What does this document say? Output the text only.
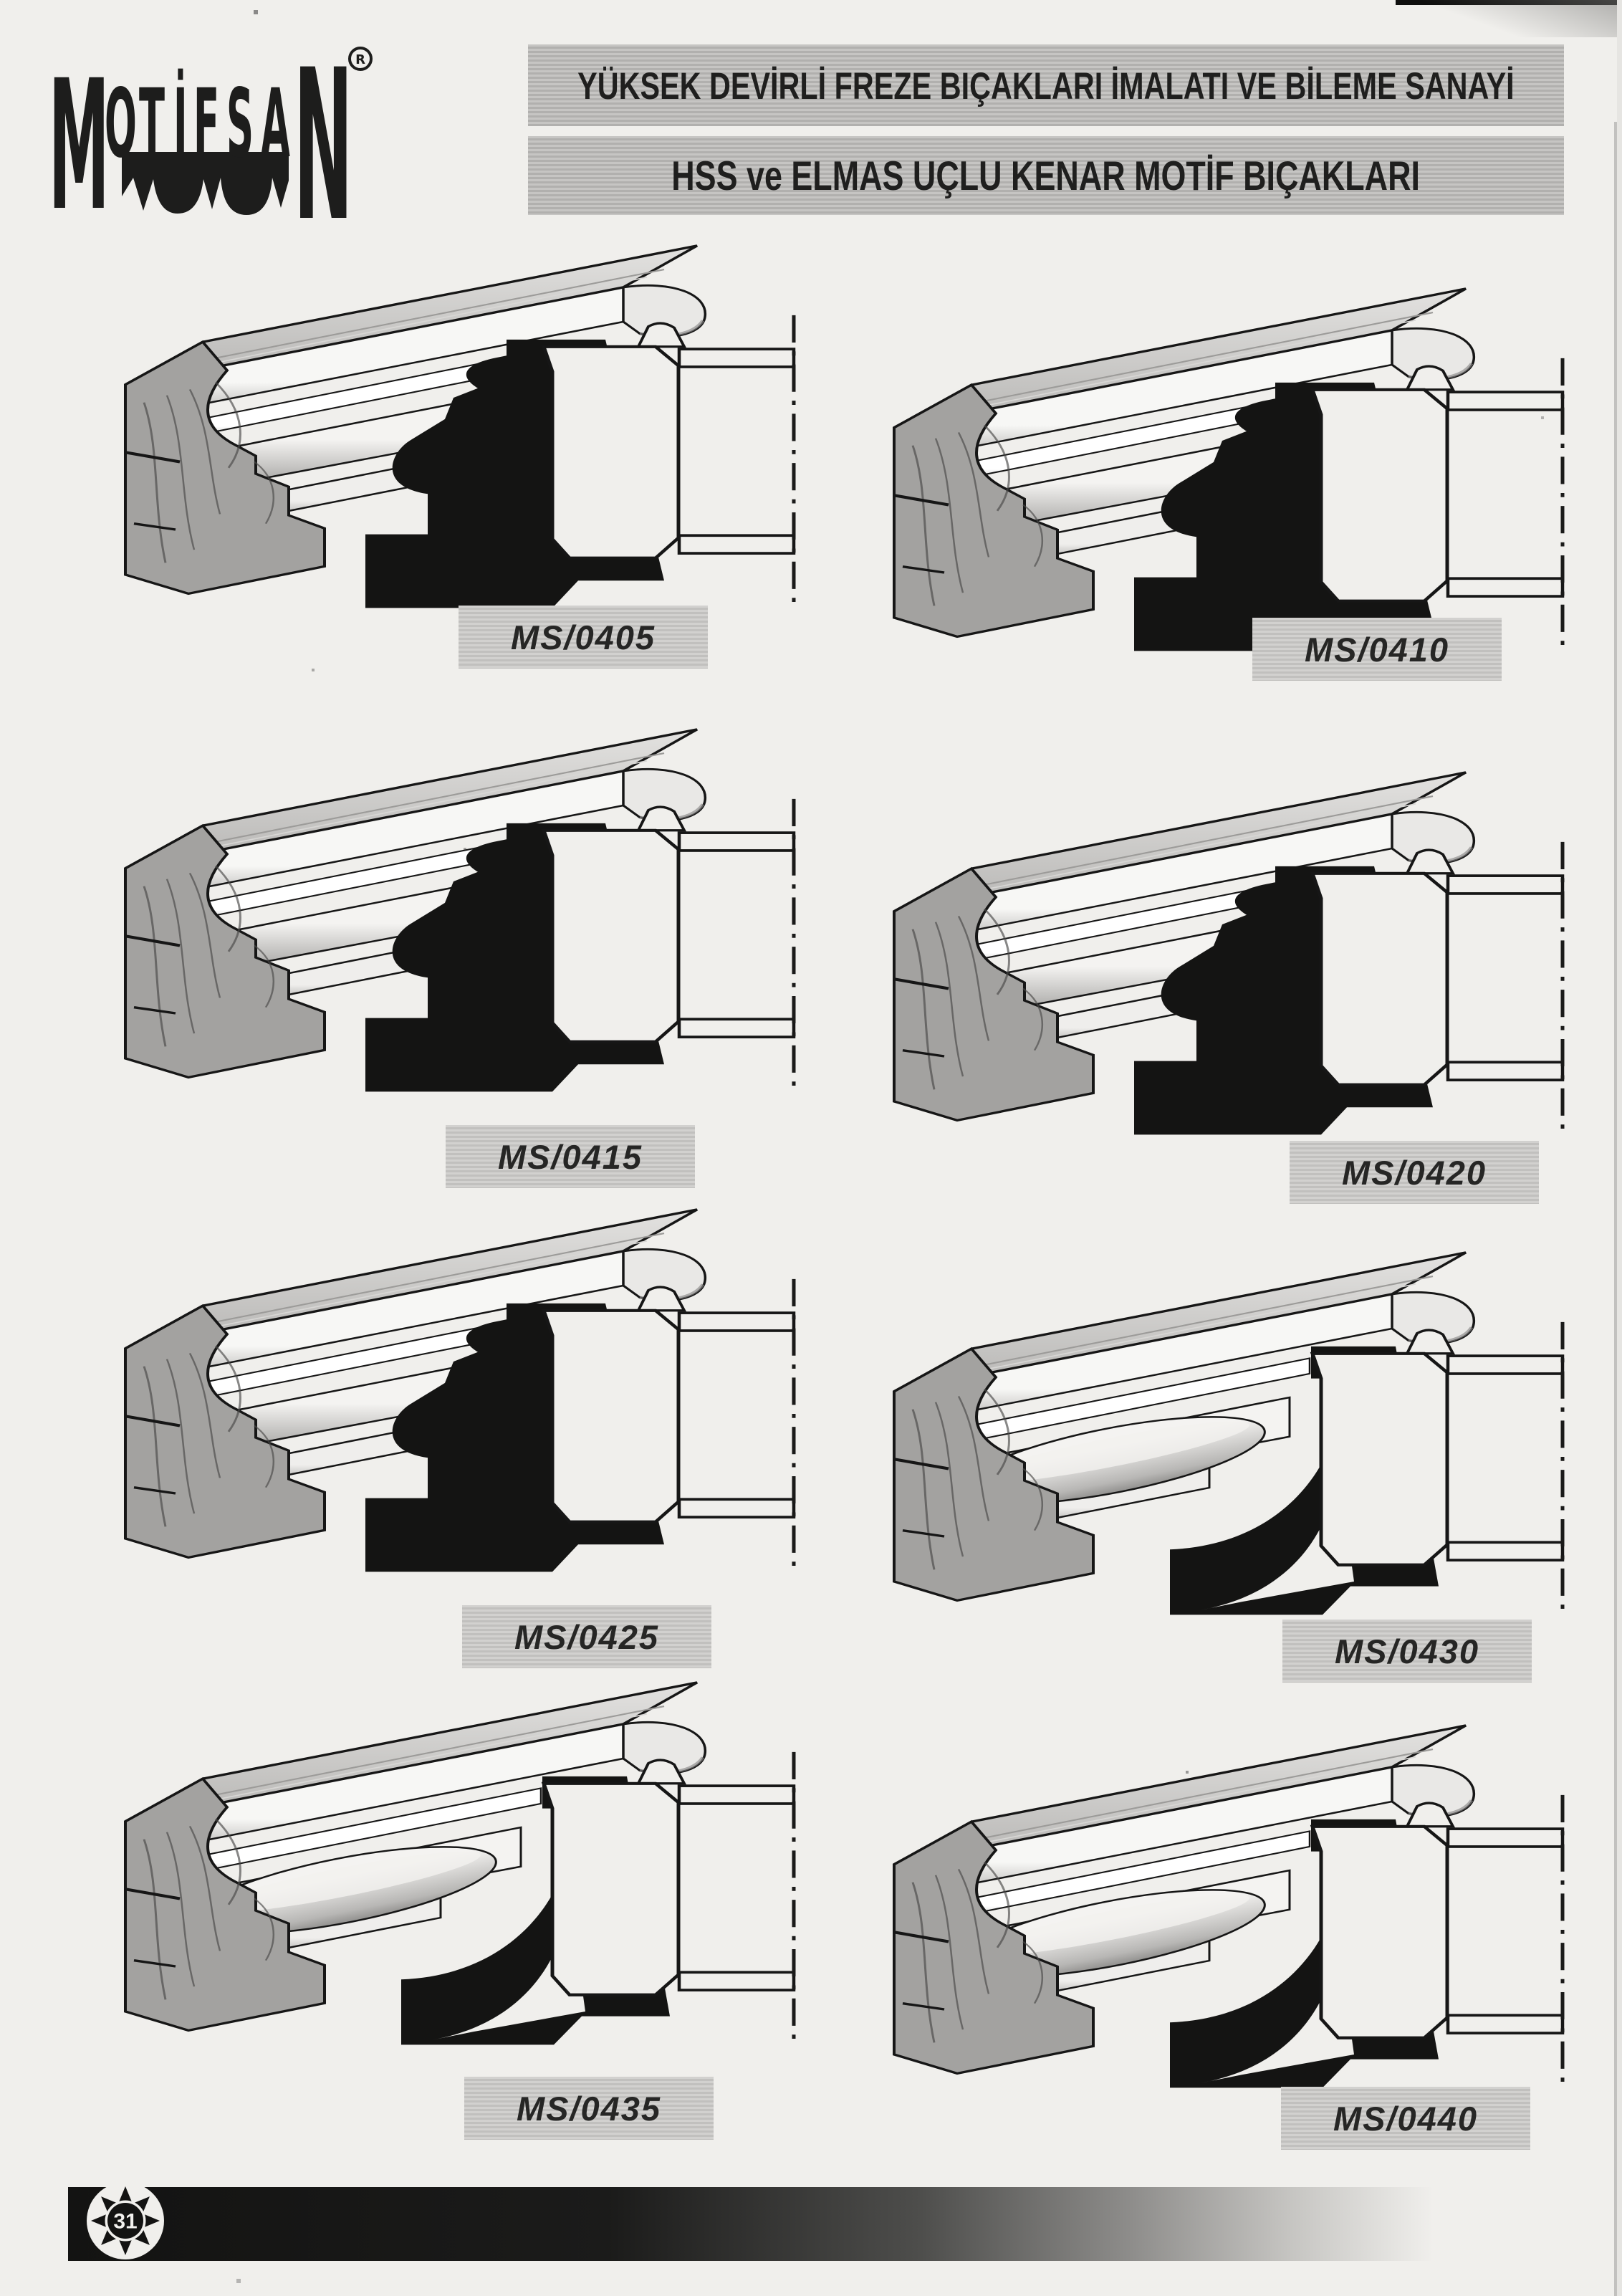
M
O T İ F S A N R
YÜKSEK DEVİRLİ FREZE BIÇAKLARI İMALATI VE BİLEME SANAYİ
HSS ve ELMAS UÇLU KENAR MOTİF BIÇAKLARI
MS/0405	MS/0410
MS/0415	MS/0420
MS/0425	MS/0430
MS/0435	MS/0440
31
